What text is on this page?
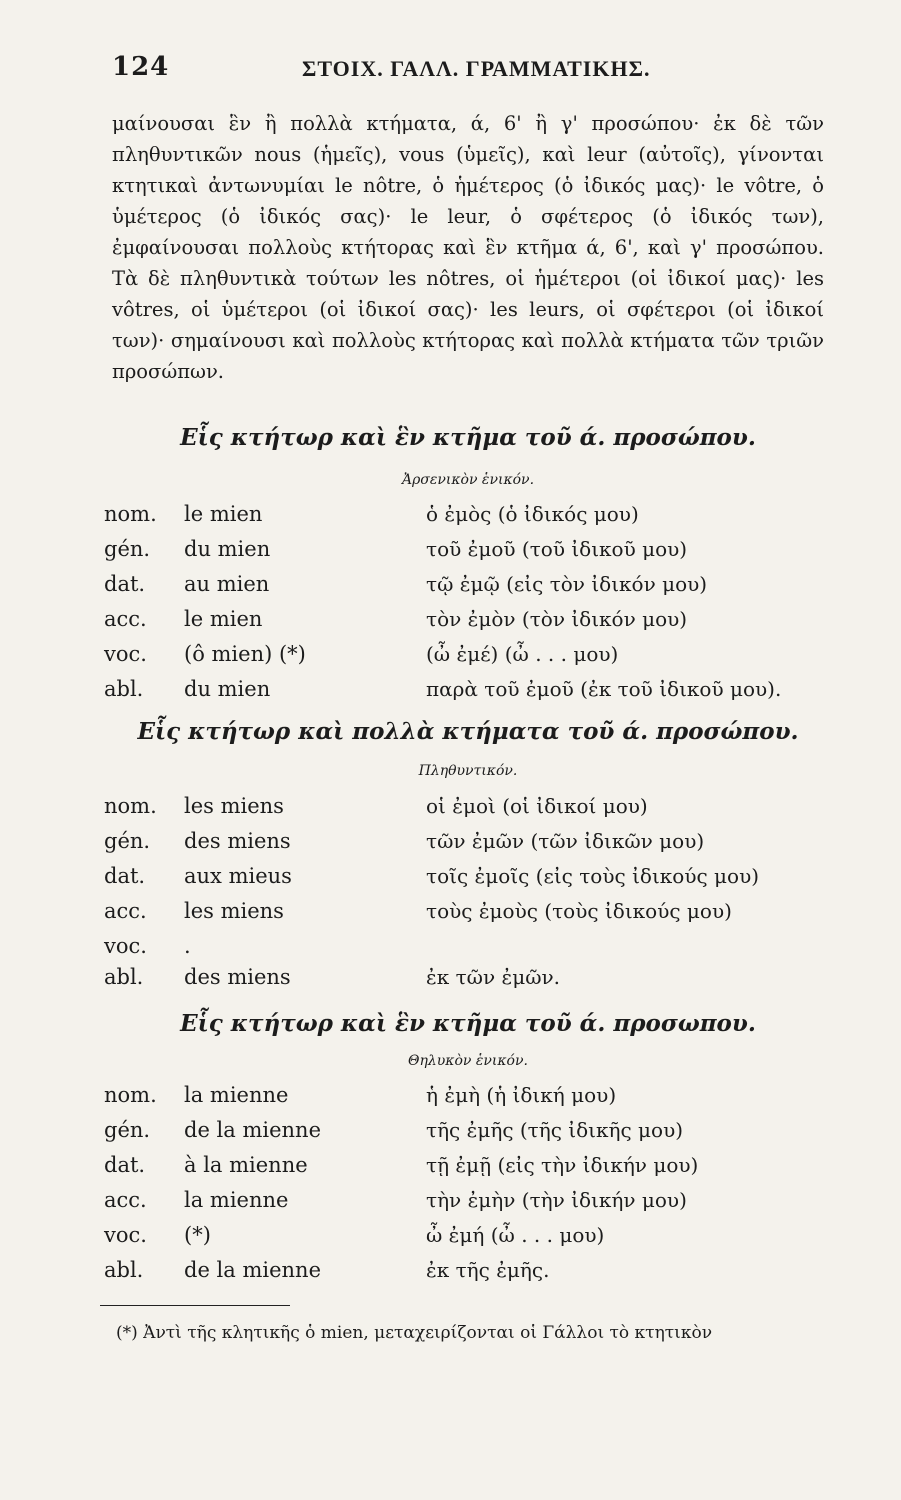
124	ΣΤΟΙΧ. ΓΑΛΛ. ΓΡΑΜΜΑΤΙΚΗΣ.

μαίνουσαι ἓν ἢ πολλὰ κτήματα, ά, 6' ἢ γ' προσώπου· ἐκ δὲ τῶν πληθυντικῶν nous (ἡμεῖς), vous (ὑμεῖς), καὶ leur (αὐτοῖς), γίνονται κτητικαὶ ἀντωνυμίαι le nôtre, ὁ ἡμέτερος (ὁ ἰδικός μας)· le vôtre, ὁ ὑμέτερος (ὁ ἰδικός σας)· le leur, ὁ σφέτερος (ὁ ἰδικός των), ἐμφαίνουσαι πολλοὺς κτήτορας καὶ ἓν κτῆμα ά, 6', καὶ γ' προσώπου. Τὰ δὲ πληθυντικὰ τούτων les nôtres, οἱ ἡμέτεροι (οἱ ἰδικοί μας)· les vôtres, οἱ ὑμέτεροι (οἱ ἰδικοί σας)· les leurs, οἱ σφέτεροι (οἱ ἰδικοί των)· σημαίνουσι καὶ πολλοὺς κτήτορας καὶ πολλὰ κτήματα τῶν τριῶν προσώπων.

Εἷς κτήτωρ καὶ ἓν κτῆμα τοῦ ά. προσώπου.
Ἀρσενικὸν ἑνικόν.
nom. le mien	ὁ ἐμὸς (ὁ ἰδικός μου)
gén. du mien	τοῦ ἐμοῦ (τοῦ ἰδικοῦ μου)
dat. au mien	τῷ ἐμῷ (εἰς τὸν ἰδικόν μου)
acc. le mien	τὸν ἐμὸν (τὸν ἰδικόν μου)
voc. (ô mien) (*)	(ὦ ἐμέ) (ὦ . . . μου)
abl. du mien	παρὰ τοῦ ἐμοῦ (ἐκ τοῦ ἰδικοῦ μου).
Εἷς κτήτωρ καὶ πολλὰ κτήματα τοῦ ά. προσώπου.
Πληθυντικόν.
nom. les miens	οἱ ἐμοὶ (οἱ ἰδικοί μου)
gén. des miens	τῶν ἐμῶν (τῶν ἰδικῶν μου)
dat. aux mieus	τοῖς ἐμοῖς (εἰς τοὺς ἰδικούς μου)
acc. les miens	τοὺς ἐμοὺς (τοὺς ἰδικούς μου)
voc. .
abl. des miens	ἐκ τῶν ἐμῶν.
Εἷς κτήτωρ καὶ ἓν κτῆμα τοῦ ά. προσωπου.
Θηλυκὸν ἑνικόν.
nom. la mienne	ἡ ἐμὴ (ἡ ἰδική μου)
gén. de la mienne	τῆς ἐμῆς (τῆς ἰδικῆς μου)
dat. à la mienne	τῇ ἐμῇ (εἰς τὴν ἰδικήν μου)
acc. la mienne	τὴν ἐμὴν (τὴν ἰδικήν μου)
voc. (*)	ὦ ἐμή (ὦ . . . μου)
abl. de la mienne	ἐκ τῆς ἐμῆς.
(*) Ἀντὶ τῆς κλητικῆς ὁ mien, μεταχειρίζονται οἱ Γάλλοι τὸ κτητικὸν
